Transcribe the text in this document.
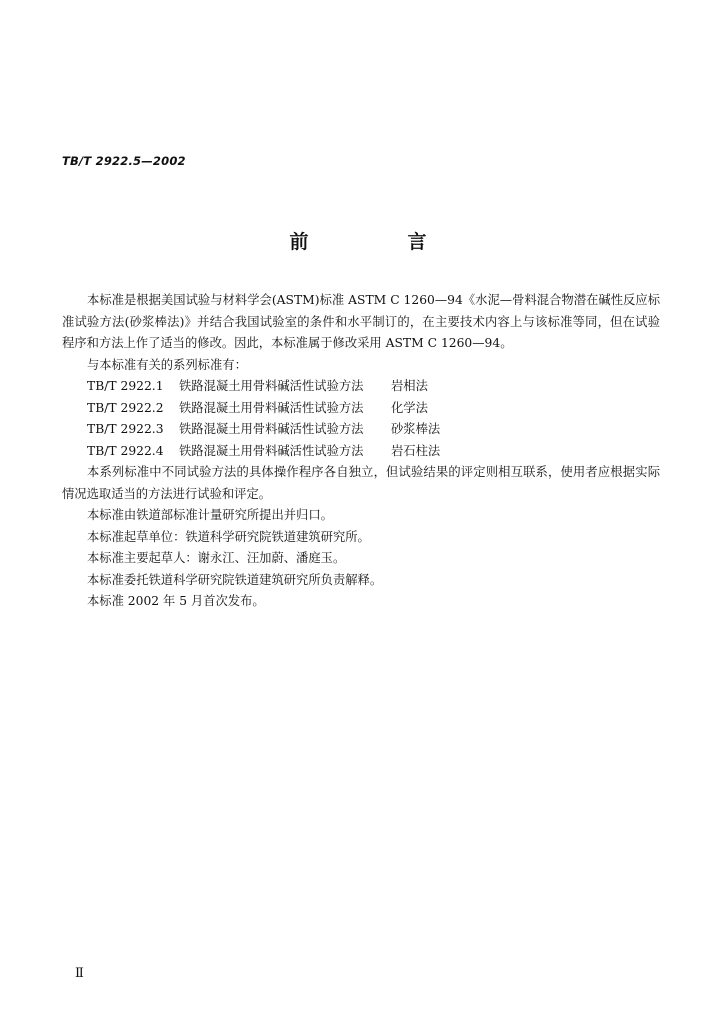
TB/T 2922.5—2002
前　言

本标准是根据美国试验与材料学会(ASTM)标准 ASTM C 1260—94《水泥—骨料混合物潜在碱性反应标准试验方法(砂浆棒法)》并结合我国试验室的条件和水平制订的，在主要技术内容上与该标准等同，但在试验程序和方法上作了适当的修改。因此，本标准属于修改采用 ASTM C 1260—94。

与本标准有关的系列标准有：
TB/T 2922.1 铁路混凝土用骨料碱活性试验方法 岩相法
TB/T 2922.2 铁路混凝土用骨料碱活性试验方法 化学法
TB/T 2922.3 铁路混凝土用骨料碱活性试验方法 砂浆棒法
TB/T 2922.4 铁路混凝土用骨料碱活性试验方法 岩石柱法

本系列标准中不同试验方法的具体操作程序各自独立，但试验结果的评定则相互联系，使用者应根据实际情况选取适当的方法进行试验和评定。

本标准由铁道部标准计量研究所提出并归口。
本标准起草单位：铁道科学研究院铁道建筑研究所。
本标准主要起草人：谢永江、汪加蔚、潘庭玉。
本标准委托铁道科学研究院铁道建筑研究所负责解释。
本标准 2002 年 5 月首次发布。
Ⅱ
